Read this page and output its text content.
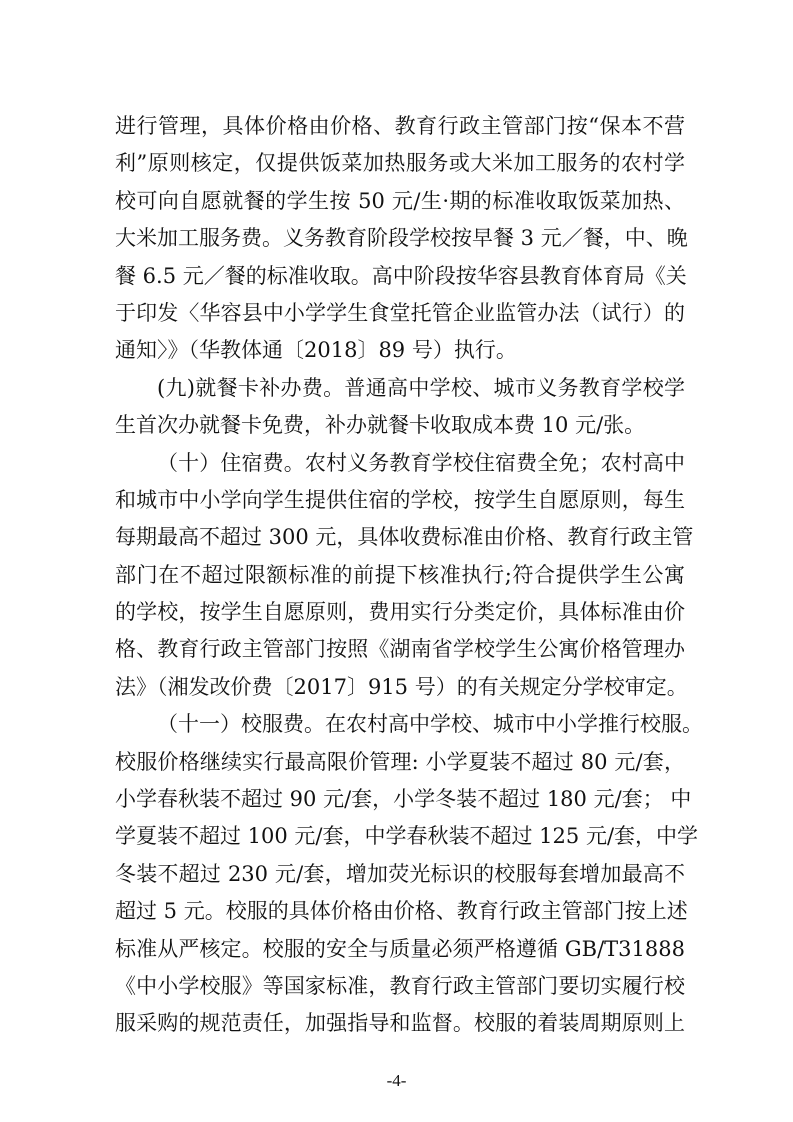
进行管理，具体价格由价格、教育行政主管部门按“保本不营
利”原则核定，仅提供饭菜加热服务或大米加工服务的农村学
校可向自愿就餐的学生按 50 元/生·期的标准收取饭菜加热、
大米加工服务费。义务教育阶段学校按早餐 3 元／餐，中、晚
餐 6.5 元／餐的标准收取。高中阶段按华容县教育体育局《关
于印发〈华容县中小学学生食堂托管企业监管办法（试行）的
通知〉》（华教体通〔2018〕89 号）执行。
(九)就餐卡补办费。普通高中学校、城市义务教育学校学
生首次办就餐卡免费，补办就餐卡收取成本费 10 元/张。
（十）住宿费。农村义务教育学校住宿费全免；农村高中
和城市中小学向学生提供住宿的学校，按学生自愿原则，每生
每期最高不超过 300 元，具体收费标准由价格、教育行政主管
部门在不超过限额标准的前提下核准执行;符合提供学生公寓
的学校，按学生自愿原则，费用实行分类定价，具体标准由价
格、教育行政主管部门按照《湖南省学校学生公寓价格管理办
法》（湘发改价费〔2017〕915 号）的有关规定分学校审定。
（十一）校服费。在农村高中学校、城市中小学推行校服。
校服价格继续实行最高限价管理: 小学夏装不超过 80 元/套，
小学春秋装不超过 90 元/套，小学冬装不超过 180 元/套； 中
学夏装不超过 100 元/套，中学春秋装不超过 125 元/套，中学
冬装不超过 230 元/套，增加荧光标识的校服每套增加最高不
超过 5 元。校服的具体价格由价格、教育行政主管部门按上述
标准从严核定。校服的安全与质量必须严格遵循 GB/T31888
《中小学校服》等国家标准，教育行政主管部门要切实履行校
服采购的规范责任，加强指导和监督。校服的着装周期原则上
-4-
